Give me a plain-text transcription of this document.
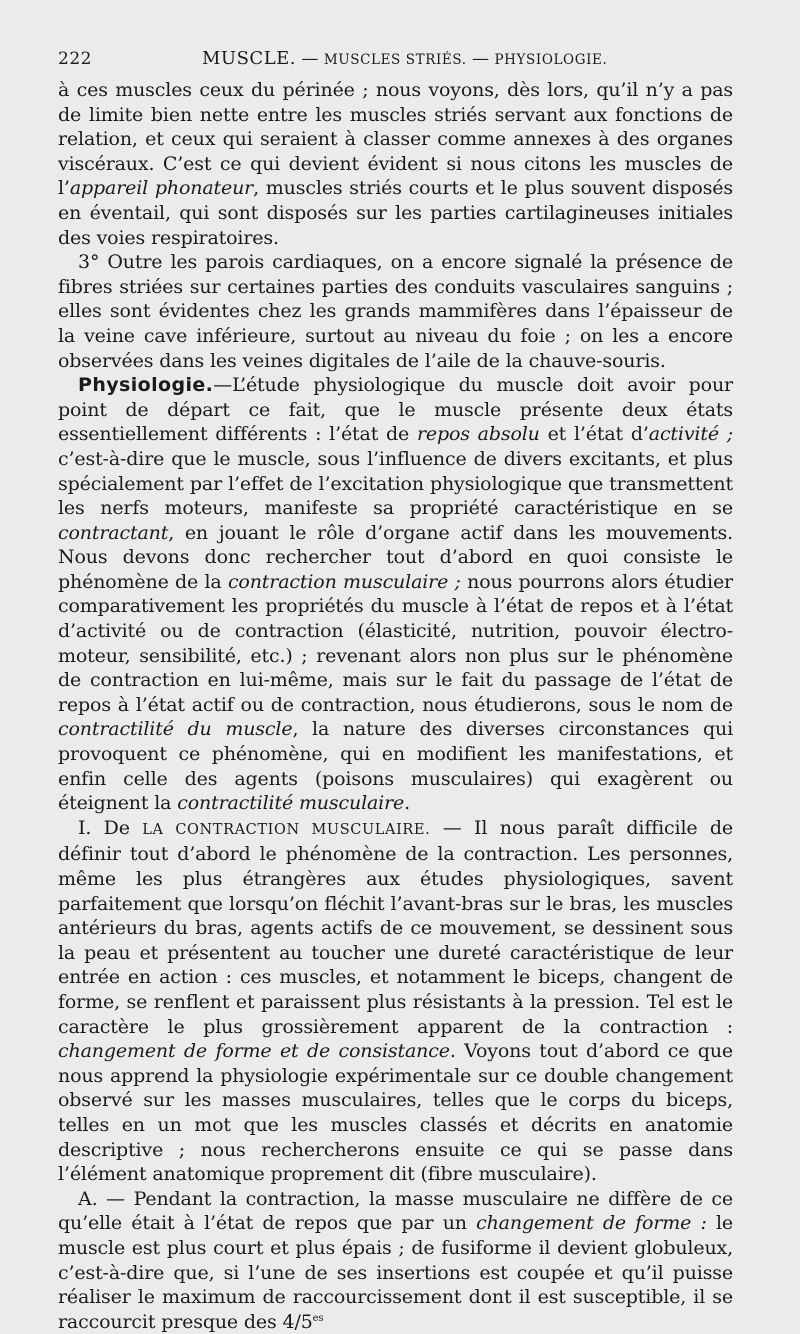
222	MUSCLE. — MUSCLES STRIÉS. — PHYSIOLOGIE.

à ces muscles ceux du périnée ; nous voyons, dès lors, qu’il n’y a pas de limite bien nette entre les muscles striés servant aux fonctions de relation, et ceux qui seraient à classer comme annexes à des organes viscéraux. C’est ce qui devient évident si nous citons les muscles de l’appareil phonateur, muscles striés courts et le plus souvent disposés en éventail, qui sont disposés sur les parties cartilagineuses initiales des voies respiratoires.

3° Outre les parois cardiaques, on a encore signalé la présence de fibres striées sur certaines parties des conduits vasculaires sanguins ; elles sont évidentes chez les grands mammifères dans l’épaisseur de la veine cave inférieure, surtout au niveau du foie ; on les a encore observées dans les veines digitales de l’aile de la chauve-souris.

Physiologie.—L’étude physiologique du muscle doit avoir pour point de départ ce fait, que le muscle présente deux états essentiellement différents : l’état de repos absolu et l’état d’activité ; c’est-à-dire que le muscle, sous l’influence de divers excitants, et plus spécialement par l’effet de l’excitation physiologique que transmettent les nerfs moteurs, manifeste sa propriété caractéristique en se contractant, en jouant le rôle d’organe actif dans les mouvements. Nous devons donc rechercher tout d’abord en quoi consiste le phénomène de la contraction musculaire ; nous pourrons alors étudier comparativement les propriétés du muscle à l’état de repos et à l’état d’activité ou de contraction (élasticité, nutrition, pouvoir électro-moteur, sensibilité, etc.) ; revenant alors non plus sur le phénomène de contraction en lui-même, mais sur le fait du passage de l’état de repos à l’état actif ou de contraction, nous étudierons, sous le nom de contractilité du muscle, la nature des diverses circonstances qui provoquent ce phénomène, qui en modifient les manifestations, et enfin celle des agents (poisons musculaires) qui exagèrent ou éteignent la contractilité musculaire.

I. De LA CONTRACTION MUSCULAIRE. — Il nous paraît difficile de définir tout d’abord le phénomène de la contraction. Les personnes, même les plus étrangères aux études physiologiques, savent parfaitement que lorsqu’on fléchit l’avant-bras sur le bras, les muscles antérieurs du bras, agents actifs de ce mouvement, se dessinent sous la peau et présentent au toucher une dureté caractéristique de leur entrée en action : ces muscles, et notamment le biceps, changent de forme, se renflent et paraissent plus résistants à la pression. Tel est le caractère le plus grossièrement apparent de la contraction : changement de forme et de consistance. Voyons tout d’abord ce que nous apprend la physiologie expérimentale sur ce double changement observé sur les masses musculaires, telles que le corps du biceps, telles en un mot que les muscles classés et décrits en anatomie descriptive ; nous rechercherons ensuite ce qui se passe dans l’élément anatomique proprement dit (fibre musculaire).

A. — Pendant la contraction, la masse musculaire ne diffère de ce qu’elle était à l’état de repos que par un changement de forme : le muscle est plus court et plus épais ; de fusiforme il devient globuleux, c’est-à-dire que, si l’une de ses insertions est coupée et qu’il puisse réaliser le maximum de raccourcissement dont il est susceptible, il se raccourcit presque des $4/5^{es}$
